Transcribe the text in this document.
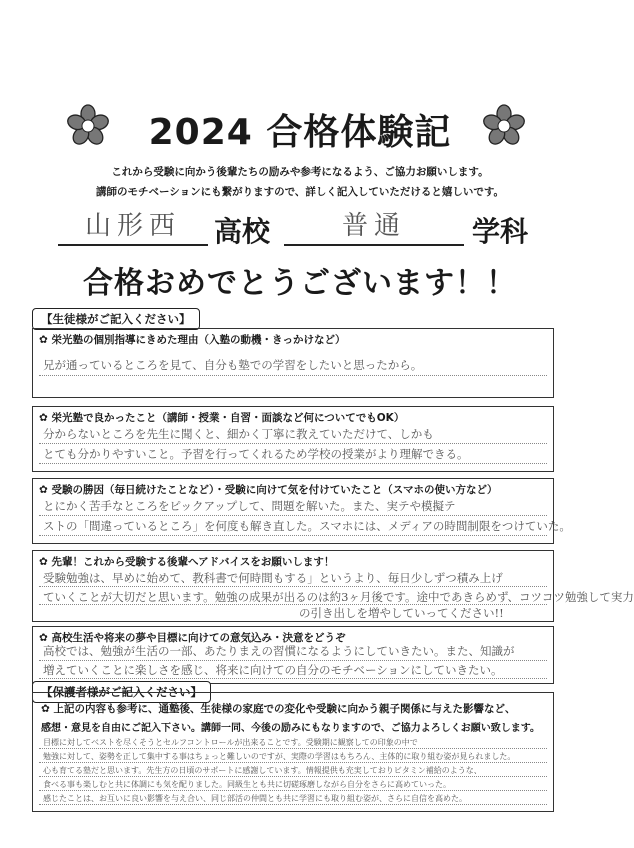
2024 合格体験記
これから受験に向かう後輩たちの励みや参考になるよう、ご協力お願いします。
講師のモチベーションにも繋がりますので、詳しく記入していただけると嬉しいです。
山形西	高校	普通	学科
合格おめでとうございます！！
【生徒様がご記入ください】
✿ 栄光塾の個別指導にきめた理由（入塾の動機・きっかけなど）
兄が通っているところを見て、自分も塾での学習をしたいと思ったから。
✿ 栄光塾で良かったこと（講師・授業・自習・面談など何についてでもOK）
分からないところを先生に聞くと、細かく丁寧に教えていただけて、しかも
とても分かりやすいこと。予習を行ってくれるため学校の授業がより理解できる。
✿ 受験の勝因（毎日続けたことなど）・受験に向けて気を付けていたこと（スマホの使い方など）
とにかく苦手なところをピックアップして、問題を解いた。また、実テや模擬テ
ストの「間違っているところ」を何度も解き直した。スマホには、メディアの時間制限をつけていた。
✿ 先輩！これから受験する後輩へアドバイスをお願いします！
受験勉強は、早めに始めて、教科書で何時間もする」というより、毎日少しずつ積み上げ
ていくことが大切だと思います。勉強の成果が出るのは約3ヶ月後です。途中であきらめず、コツコツ勉強して実力
の引き出しを増やしていってください!!
✿ 高校生活や将来の夢や目標に向けての意気込み・決意をどうぞ
高校では、勉強が生活の一部、あたりまえの習慣になるようにしていきたい。また、知識が
増えていくことに楽しさを感じ、将来に向けての自分のモチベーションにしていきたい。
【保護者様がご記入ください】
✿ 上記の内容も参考に、通塾後、生徒様の家庭での変化や受験に向かう親子関係に与えた影響など、
感想・意見を自由にご記入下さい。講師一同、今後の励みにもなりますので、ご協力よろしくお願い致します。
目標に対してベストを尽くそうとセルフコントロールが出来ることです。受験期に観察しての印象の中で
勉強に対して、姿勢を正して集中する事はちょっと難しいのですが、実際の学習はもちろん、主体的に取り組む姿が見られました。
心も育てる塾だと思います。先生方の日頃のサポートに感謝しています。情報提供も充実しておりビタミン補給のような、
食べる事も楽しむと共に体調にも気を配りました。同級生とも共に切磋琢磨しながら自分をさらに高めていった。
感じたことは、お互いに良い影響を与え合い、同じ部活の仲間とも共に学習にも取り組む姿が、さらに自信を高めた。
